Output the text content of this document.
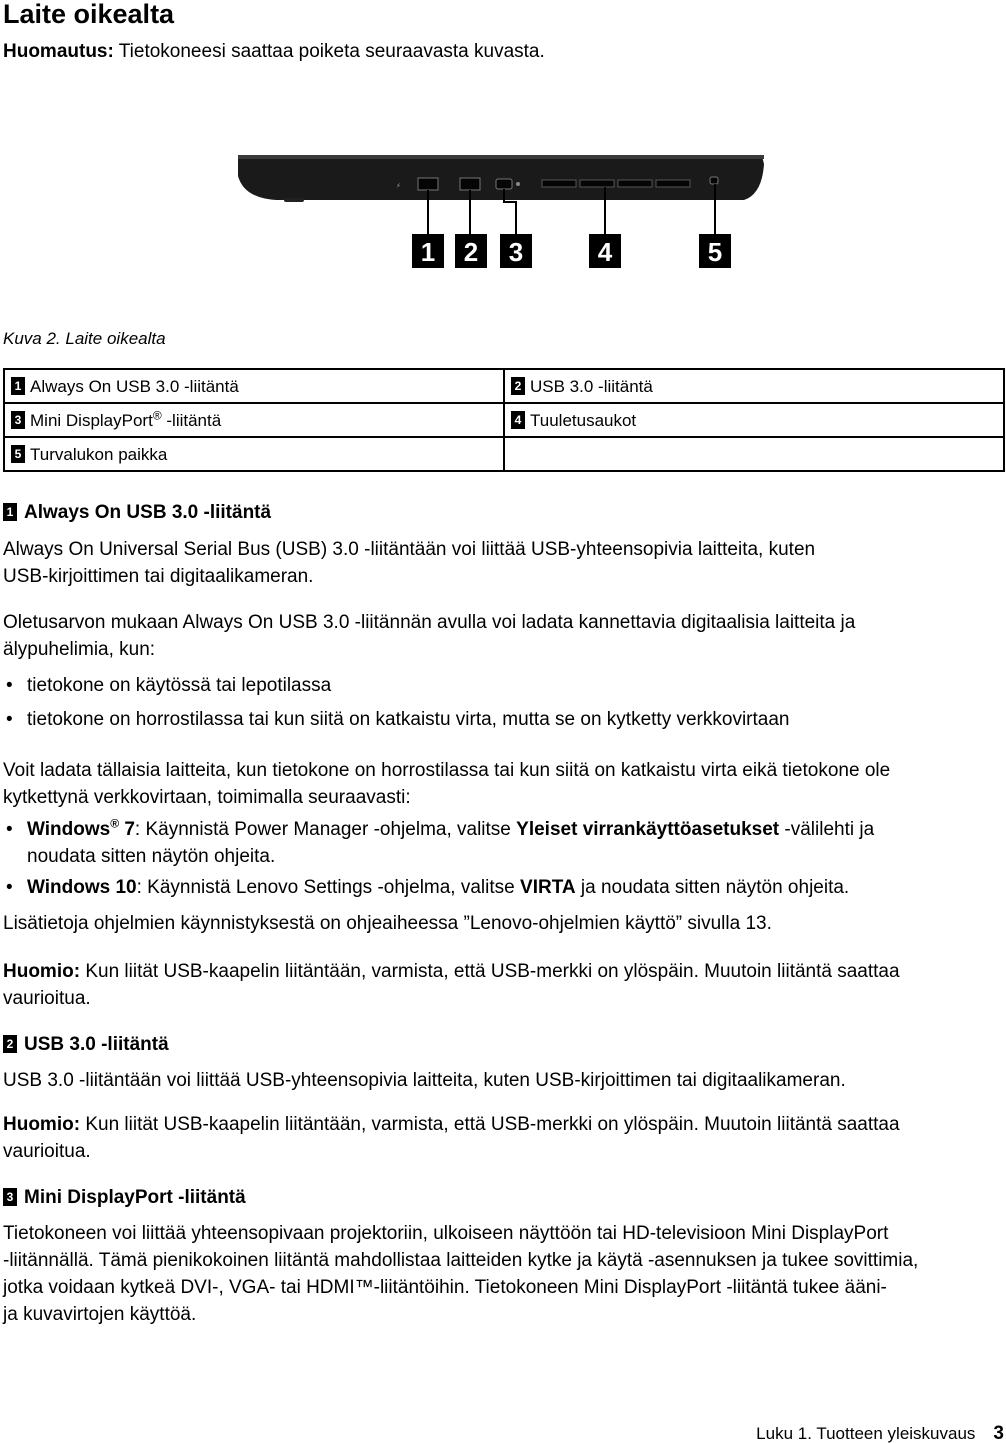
Laite oikealta
Huomautus: Tietokoneesi saattaa poiketa seuraavasta kuvasta.
⚡
1 2 3	4	5
Kuva 2. Laite oikealta
1 Always On USB 3.0 -liitäntä	2 USB 3.0 -liitäntä
3 Mini DisplayPort® -liitäntä	4 Tuuletusaukot
5 Turvalukon paikka	
1 Always On USB 3.0 -liitäntä
Always On Universal Serial Bus (USB) 3.0 -liitäntään voi liittää USB-yhteensopivia laitteita, kuten
USB-kirjoittimen tai digitaalikameran.
Oletusarvon mukaan Always On USB 3.0 -liitännän avulla voi ladata kannettavia digitaalisia laitteita ja
älypuhelimia, kun:
• tietokone on käytössä tai lepotilassa
• tietokone on horrostilassa tai kun siitä on katkaistu virta, mutta se on kytketty verkkovirtaan
Voit ladata tällaisia laitteita, kun tietokone on horrostilassa tai kun siitä on katkaistu virta eikä tietokone ole
kytkettynä verkkovirtaan, toimimalla seuraavasti:
• Windows® 7: Käynnistä Power Manager -ohjelma, valitse Yleiset virrankäyttöasetukset -välilehti ja
noudata sitten näytön ohjeita.
• Windows 10: Käynnistä Lenovo Settings -ohjelma, valitse VIRTA ja noudata sitten näytön ohjeita.
Lisätietoja ohjelmien käynnistyksestä on ohjeaiheessa ”Lenovo-ohjelmien käyttö” sivulla 13.
Huomio: Kun liität USB-kaapelin liitäntään, varmista, että USB-merkki on ylöspäin. Muutoin liitäntä saattaa
vaurioitua.
2 USB 3.0 -liitäntä
USB 3.0 -liitäntään voi liittää USB-yhteensopivia laitteita, kuten USB-kirjoittimen tai digitaalikameran.
Huomio: Kun liität USB-kaapelin liitäntään, varmista, että USB-merkki on ylöspäin. Muutoin liitäntä saattaa
vaurioitua.
3 Mini DisplayPort -liitäntä
Tietokoneen voi liittää yhteensopivaan projektoriin, ulkoiseen näyttöön tai HD-televisioon Mini DisplayPort
-liitännällä. Tämä pienikokoinen liitäntä mahdollistaa laitteiden kytke ja käytä -asennuksen ja tukee sovittimia,
jotka voidaan kytkeä DVI-, VGA- tai HDMI™-liitäntöihin. Tietokoneen Mini DisplayPort -liitäntä tukee ääni-
ja kuvavirtojen käyttöä.
Luku 1. Tuotteen yleiskuvaus 3
